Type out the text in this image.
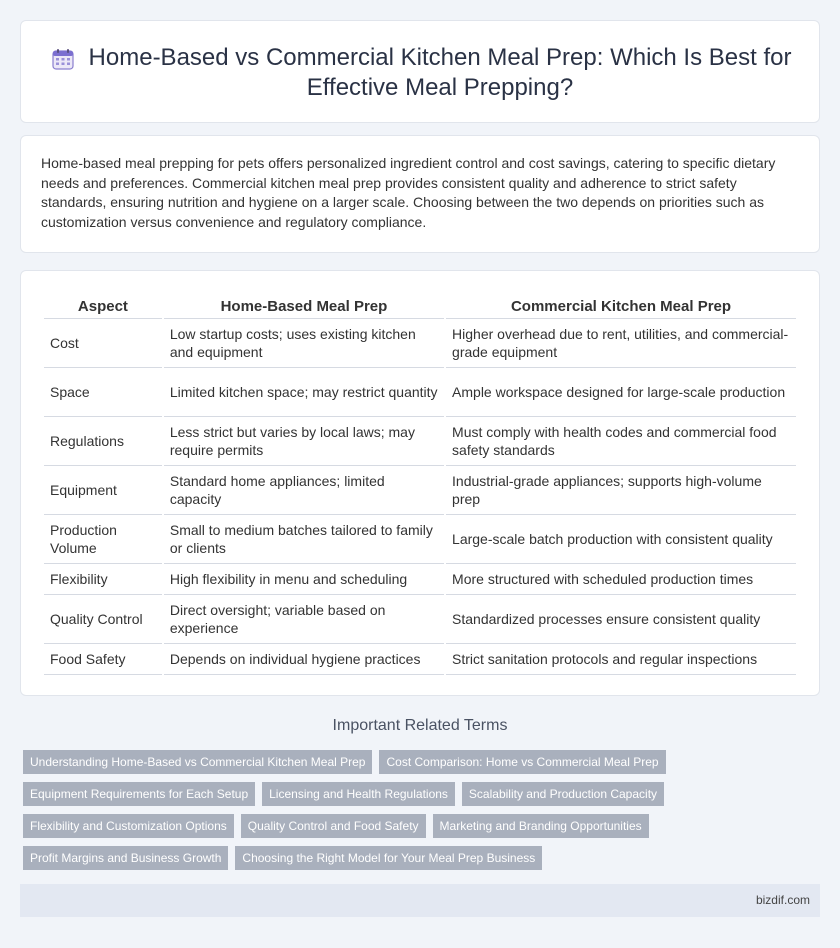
Home-Based vs Commercial Kitchen Meal Prep: Which Is Best for Effective Meal Prepping?

Home-based meal prepping for pets offers personalized ingredient control and cost savings, catering to specific dietary needs and preferences. Commercial kitchen meal prep provides consistent quality and adherence to strict safety standards, ensuring nutrition and hygiene on a larger scale. Choosing between the two depends on priorities such as customization versus convenience and regulatory compliance.

Aspect	Home-Based Meal Prep	Commercial Kitchen Meal Prep
Cost	Low startup costs; uses existing kitchen and equipment	Higher overhead due to rent, utilities, and commercial-grade equipment
Space	Limited kitchen space; may restrict quantity	Ample workspace designed for large-scale production
Regulations	Less strict but varies by local laws; may require permits	Must comply with health codes and commercial food safety standards
Equipment	Standard home appliances; limited capacity	Industrial-grade appliances; supports high-volume prep
Production Volume	Small to medium batches tailored to family or clients	Large-scale batch production with consistent quality
Flexibility	High flexibility in menu and scheduling	More structured with scheduled production times
Quality Control	Direct oversight; variable based on experience	Standardized processes ensure consistent quality
Food Safety	Depends on individual hygiene practices	Strict sanitation protocols and regular inspections
Important Related Terms
Understanding Home-Based vs Commercial Kitchen Meal Prep	Cost Comparison: Home vs Commercial Meal Prep
Equipment Requirements for Each Setup	Licensing and Health Regulations	Scalability and Production Capacity
Flexibility and Customization Options	Quality Control and Food Safety	Marketing and Branding Opportunities
Profit Margins and Business Growth	Choosing the Right Model for Your Meal Prep Business
bizdif.com
